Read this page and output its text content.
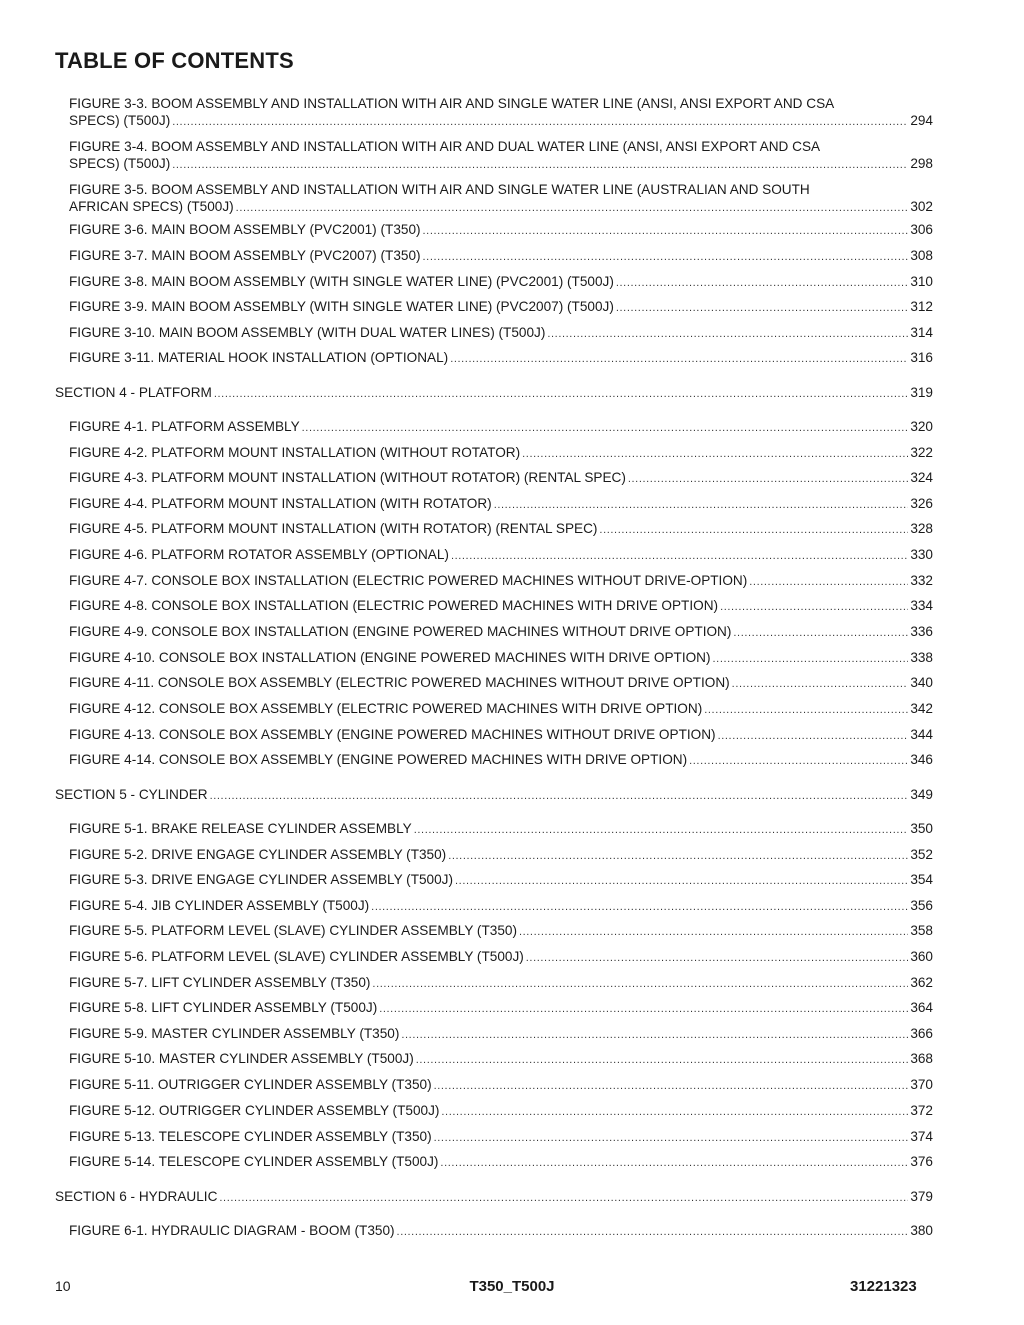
TABLE OF CONTENTS
FIGURE 3-3. BOOM ASSEMBLY AND INSTALLATION WITH AIR AND SINGLE WATER LINE (ANSI, ANSI EXPORT AND CSA
SPECS) (T500J) .....	294
FIGURE 3-4. BOOM ASSEMBLY AND INSTALLATION WITH AIR AND DUAL WATER LINE (ANSI, ANSI EXPORT AND CSA
SPECS) (T500J) .....	298
FIGURE 3-5. BOOM ASSEMBLY AND INSTALLATION WITH AIR AND SINGLE WATER LINE (AUSTRALIAN AND SOUTH
AFRICAN SPECS) (T500J) .....	302
FIGURE 3-6. MAIN BOOM ASSEMBLY (PVC2001) (T350) .....	306
FIGURE 3-7. MAIN BOOM ASSEMBLY (PVC2007) (T350) .....	308
FIGURE 3-8. MAIN BOOM ASSEMBLY (WITH SINGLE WATER LINE) (PVC2001) (T500J) .....	310
FIGURE 3-9. MAIN BOOM ASSEMBLY (WITH SINGLE WATER LINE) (PVC2007) (T500J) .....	312
FIGURE 3-10. MAIN BOOM ASSEMBLY (WITH DUAL WATER LINES) (T500J) .....	314
FIGURE 3-11. MATERIAL HOOK INSTALLATION (OPTIONAL) .....	316
SECTION 4 - PLATFORM .....	319
FIGURE 4-1. PLATFORM ASSEMBLY .....	320
FIGURE 4-2. PLATFORM MOUNT INSTALLATION (WITHOUT ROTATOR) .....	322
FIGURE 4-3. PLATFORM MOUNT INSTALLATION (WITHOUT ROTATOR) (RENTAL SPEC) .....	324
FIGURE 4-4. PLATFORM MOUNT INSTALLATION (WITH ROTATOR) .....	326
FIGURE 4-5. PLATFORM MOUNT INSTALLATION (WITH ROTATOR) (RENTAL SPEC) .....	328
FIGURE 4-6. PLATFORM ROTATOR ASSEMBLY (OPTIONAL) .....	330
FIGURE 4-7. CONSOLE BOX INSTALLATION (ELECTRIC POWERED MACHINES WITHOUT DRIVE-OPTION) .....	332
FIGURE 4-8. CONSOLE BOX INSTALLATION (ELECTRIC POWERED MACHINES WITH DRIVE OPTION) .....	334
FIGURE 4-9. CONSOLE BOX INSTALLATION (ENGINE POWERED MACHINES WITHOUT DRIVE OPTION) .....	336
FIGURE 4-10. CONSOLE BOX INSTALLATION (ENGINE POWERED MACHINES WITH DRIVE OPTION) .....	338
FIGURE 4-11. CONSOLE BOX ASSEMBLY (ELECTRIC POWERED MACHINES WITHOUT DRIVE OPTION) .....	340
FIGURE 4-12. CONSOLE BOX ASSEMBLY (ELECTRIC POWERED MACHINES WITH DRIVE OPTION) .....	342
FIGURE 4-13. CONSOLE BOX ASSEMBLY (ENGINE POWERED MACHINES WITHOUT DRIVE OPTION) .....	344
FIGURE 4-14. CONSOLE BOX ASSEMBLY (ENGINE POWERED MACHINES WITH DRIVE OPTION) .....	346
SECTION 5 - CYLINDER .....	349
FIGURE 5-1. BRAKE RELEASE CYLINDER ASSEMBLY .....	350
FIGURE 5-2. DRIVE ENGAGE CYLINDER ASSEMBLY (T350) .....	352
FIGURE 5-3. DRIVE ENGAGE CYLINDER ASSEMBLY (T500J) .....	354
FIGURE 5-4. JIB CYLINDER ASSEMBLY (T500J) .....	356
FIGURE 5-5. PLATFORM LEVEL (SLAVE) CYLINDER ASSEMBLY (T350) .....	358
FIGURE 5-6. PLATFORM LEVEL (SLAVE) CYLINDER ASSEMBLY (T500J) .....	360
FIGURE 5-7. LIFT CYLINDER ASSEMBLY (T350) .....	362
FIGURE 5-8. LIFT CYLINDER ASSEMBLY (T500J) .....	364
FIGURE 5-9. MASTER CYLINDER ASSEMBLY (T350) .....	366
FIGURE 5-10. MASTER CYLINDER ASSEMBLY (T500J) .....	368
FIGURE 5-11. OUTRIGGER CYLINDER ASSEMBLY (T350) .....	370
FIGURE 5-12. OUTRIGGER CYLINDER ASSEMBLY (T500J) .....	372
FIGURE 5-13. TELESCOPE CYLINDER ASSEMBLY (T350) .....	374
FIGURE 5-14. TELESCOPE CYLINDER ASSEMBLY (T500J) .....	376
SECTION 6 - HYDRAULIC .....	379
FIGURE 6-1. HYDRAULIC DIAGRAM - BOOM (T350) .....	380
10	T350_T500J	31221323
